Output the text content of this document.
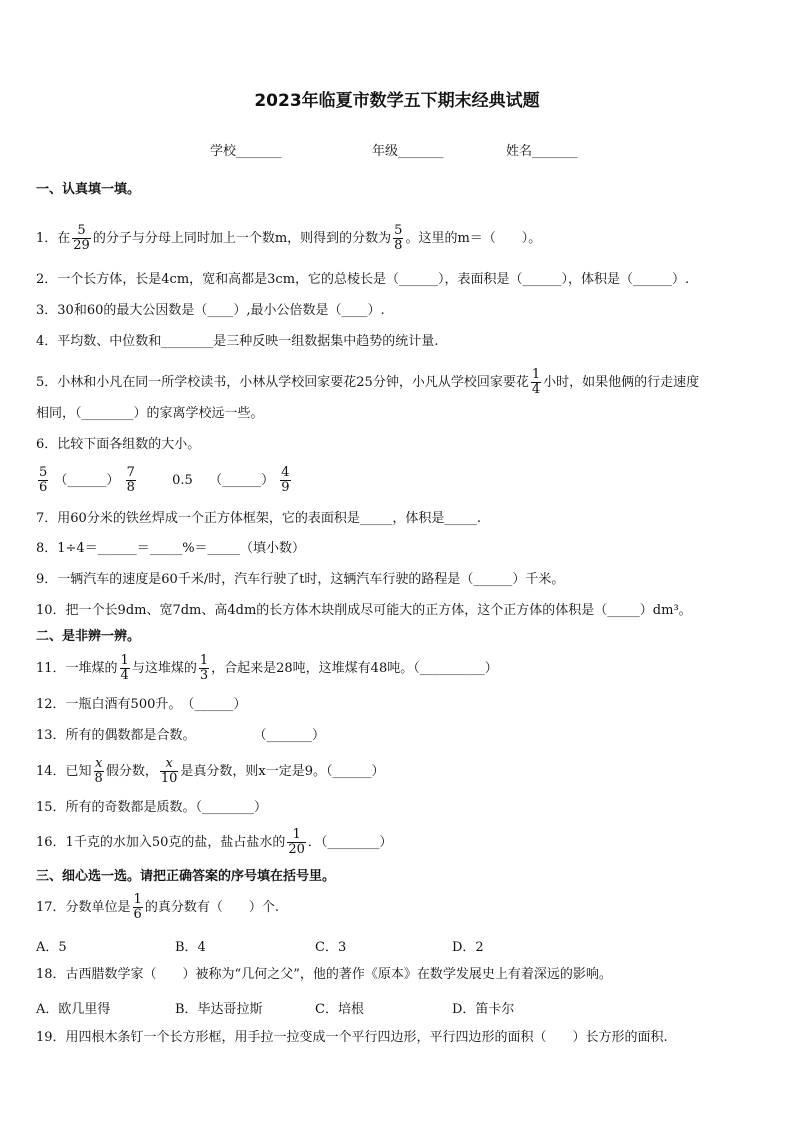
2023年临夏市数学五下期末经典试题
学校_______	年级_______	姓名_______
一、认真填一填。
1．在 $\frac{5}{29}$ 的分子与分母上同时加上一个数m，则得到的分数为 $\frac{5}{8}$ 。这里的m＝（　　）。
2．一个长方体，长是4cm，宽和高都是3cm，它的总棱长是（______），表面积是（______），体积是（______）.
3．30和60的最大公因数是（____）,最小公倍数是（____）.
4．平均数、中位数和________是三种反映一组数据集中趋势的统计量.
5．小林和小凡在同一所学校读书，小林从学校回家要花25分钟，小凡从学校回家要花 $\frac{1}{4}$ 小时，如果他俩的行走速度
相同，（________）的家离学校远一些。
6．比较下面各组数的大小。
$\frac{5}{6}$ （______） $\frac{7}{8}$	0.5 （______） $\frac{4}{9}$
7．用60分米的铁丝焊成一个正方体框架，它的表面积是_____，体积是_____.
8．1÷4＝______＝_____%＝_____（填小数）
9．一辆汽车的速度是60千米/时，汽车行驶了t时，这辆汽车行驶的路程是（______）千米。
10．把一个长9dm、宽7dm、高4dm的长方体木块削成尽可能大的正方体，这个正方体的体积是（_____）dm³。
二、是非辨一辨。
11．一堆煤的 $\frac{1}{4}$ 与这堆煤的 $\frac{1}{3}$ ，合起来是28吨，这堆煤有48吨。（__________）
12．一瓶白酒有500升。　（______）
13．所有的偶数都是合数。	（_______）
14．已知 $\frac{x}{8}$ 假分数， $\frac{x}{10}$ 是真分数，则x一定是9。（______）
15．所有的奇数都是质数。（________）
16．1千克的水加入50克的盐，盐占盐水的 $\frac{1}{20}$ ．（________）
三、细心选一选。请把正确答案的序号填在括号里。
17．分数单位是 $\frac{1}{6}$ 的真分数有（　　）个.
A．5	B．4	C．3	D．2
18．古西腊数学家（　　）被称为“几何之父”，他的著作《原本》在数学发展史上有着深远的影响。
A．欧几里得	B．毕达哥拉斯	C．培根	D．笛卡尔
19．用四根木条钉一个长方形框，用手拉一拉变成一个平行四边形，平行四边形的面积（　　）长方形的面积.
